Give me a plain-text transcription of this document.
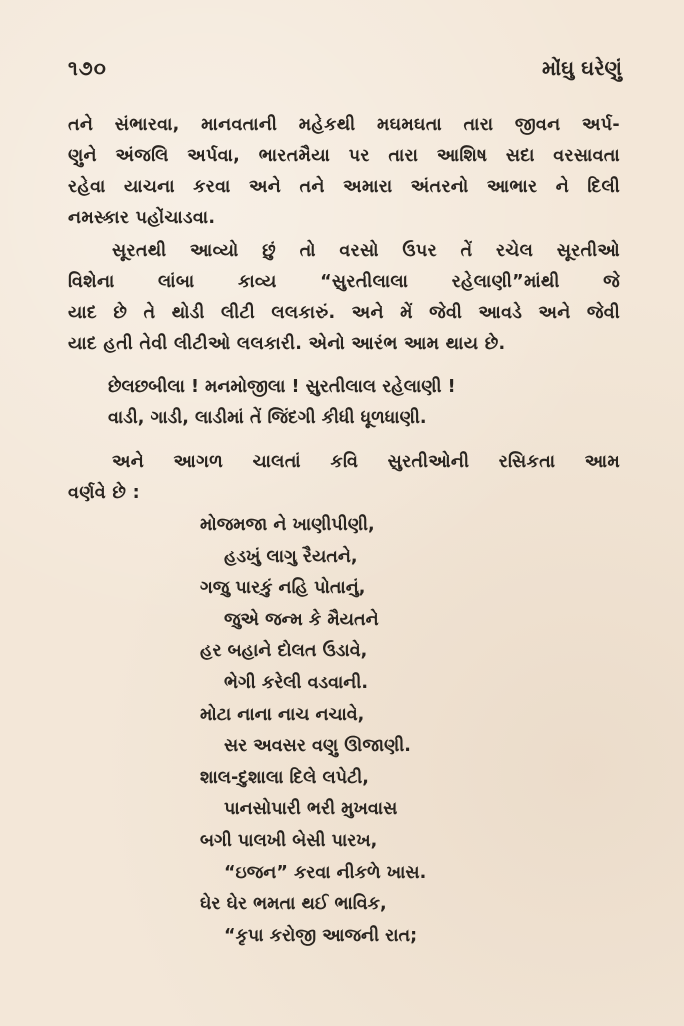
૧૭૦	મોંઘુ ઘરેણું
તને સંભારવા, માનવતાની મહેકથી મઘમઘતા તારા જીવન અર્પ-
ણુને અંજલિ અર્પવા, ભારતમૈયા પર તારા આશિષ સદા વરસાવતા
રહેવા યાચના કરવા અને તને અમારા અંતરનો આભાર ને દિલી
નમસ્કાર પહોંચાડવા.
સૂરતથી આવ્યો છું તો વરસો ઉપર તેં રચેલ સૂરતીઓ
વિશેના લાંબા કાવ્ય “સુરતીલાલા રહેલાણી”માંથી જે
યાદ છે તે થોડી લીટી લલકારું. અને મેં જેવી આવડે અને જેવી
યાદ હતી તેવી લીટીઓ લલકારી. એનો આરંભ આમ થાય છે.
છેલછબીલા ! મનમોજીલા ! સુરતીલાલ રહેલાણી !
વાડી, ગાડી, લાડીમાં તેં જિંદગી કીધી ધૂળધાણી.
અને આગળ ચાલતાં કવિ સુરતીઓની રસિકતા આમ
વર્ણવે છે :
મોજમજા ને ખાણીપીણી,
હડખું લાગુ રૈયતને,
ગજુ પારકું નહિ પોતાનું,
જુએ જન્મ કે મૈયતને
હર બહાને દોલત ઉડાવે,
ભેગી કરેલી વડવાની.
મોટા નાના નાચ નચાવે,
સર અવસર વણુ ઊજાણી.
શાલ-દુશાલા દિલે લપેટી,
પાનસોપારી ભરી મુખવાસ
બગી પાલખી બેસી પારખ,
“ઇજન” કરવા નીકળે ખાસ.
ઘેર ઘેર ભમતા થઈ ભાવિક,
“કૃપા કરોજી આજની રાત;
